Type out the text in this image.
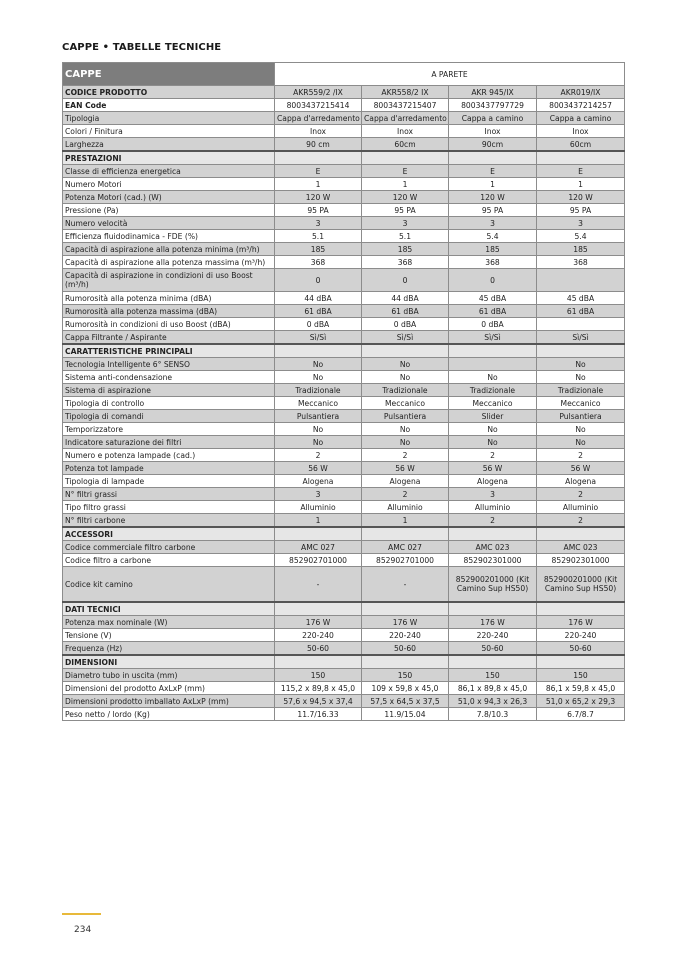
CAPPE • TABELLE TECNICHE
CAPPE	A PARETE			
CODICE PRODOTTO	AKR559/2 /IX	AKR558/2 IX	AKR 945/IX	AKR019/IX
EAN Code	8003437215414	8003437215407	8003437797729	8003437214257
Tipologia	Cappa d'arredamento	Cappa d'arredamento	Cappa a camino	Cappa a camino
Colori / Finitura	Inox	Inox	Inox	Inox
Larghezza	90 cm	60cm	90cm	60cm
PRESTAZIONI				
Classe di efficienza energetica	E	E	E	E
Numero Motori	1	1	1	1
Potenza Motori (cad.) (W)	120 W	120 W	120 W	120 W
Pressione (Pa)	95 PA	95 PA	95 PA	95 PA
Numero velocità	3	3	3	3
Efficienza fluidodinamica - FDE (%)	5.1	5.1	5.4	5.4
Capacità di aspirazione alla potenza minima (m³/h)	185	185	185	185
Capacità di aspirazione alla potenza massima (m³/h)	368	368	368	368
Capacità di aspirazione in condizioni di uso Boost (m³/h)	0	0	0	
Rumorosità alla potenza minima (dBA)	44 dBA	44 dBA	45 dBA	45 dBA
Rumorosità alla potenza massima (dBA)	61 dBA	61 dBA	61 dBA	61 dBA
Rumorosità in condizioni di uso Boost (dBA)	0 dBA	0 dBA	0 dBA	
Cappa Filtrante / Aspirante	Sì/Sì	Sì/Sì	Sì/Sì	Sì/Sì
CARATTERISTICHE PRINCIPALI				
Tecnologia Intelligente 6° SENSO	No	No		No
Sistema anti-condensazione	No	No	No	No
Sistema di aspirazione	Tradizionale	Tradizionale	Tradizionale	Tradizionale
Tipologia di controllo	Meccanico	Meccanico	Meccanico	Meccanico
Tipologia di comandi	Pulsantiera	Pulsantiera	Slider	Pulsantiera
Temporizzatore	No	No	No	No
Indicatore saturazione dei filtri	No	No	No	No
Numero e potenza lampade (cad.)	2	2	2	2
Potenza tot lampade	56 W	56 W	56 W	56 W
Tipologia di lampade	Alogena	Alogena	Alogena	Alogena
N° filtri grassi	3	2	3	2
Tipo filtro grassi	Alluminio	Alluminio	Alluminio	Alluminio
N° filtri carbone	1	1	2	2
ACCESSORI				
Codice commerciale filtro carbone	AMC 027	AMC 027	AMC 023	AMC 023
Codice filtro a carbone	852902701000	852902701000	852902301000	852902301000
Codice kit camino	-	-	852900201000 (Kit Camino Sup HS50)	852900201000 (Kit Camino Sup HS50)
DATI TECNICI				
Potenza max nominale (W)	176 W	176 W	176 W	176 W
Tensione (V)	220-240	220-240	220-240	220-240
Frequenza (Hz)	50-60	50-60	50-60	50-60
DIMENSIONI				
Diametro tubo in uscita (mm)	150	150	150	150
Dimensioni del prodotto AxLxP (mm)	115,2 x 89,8 x 45,0	109 x 59,8 x 45,0	86,1 x 89,8 x 45,0	86,1 x 59,8 x 45,0
Dimensioni prodotto imballato AxLxP (mm)	57,6 x 94,5 x 37,4	57,5 x 64,5 x 37,5	51,0 x 94,3 x 26,3	51,0 x 65,2 x 29,3
Peso netto / lordo (Kg)	11.7/16.33	11.9/15.04	7.8/10.3	6.7/8.7
234
